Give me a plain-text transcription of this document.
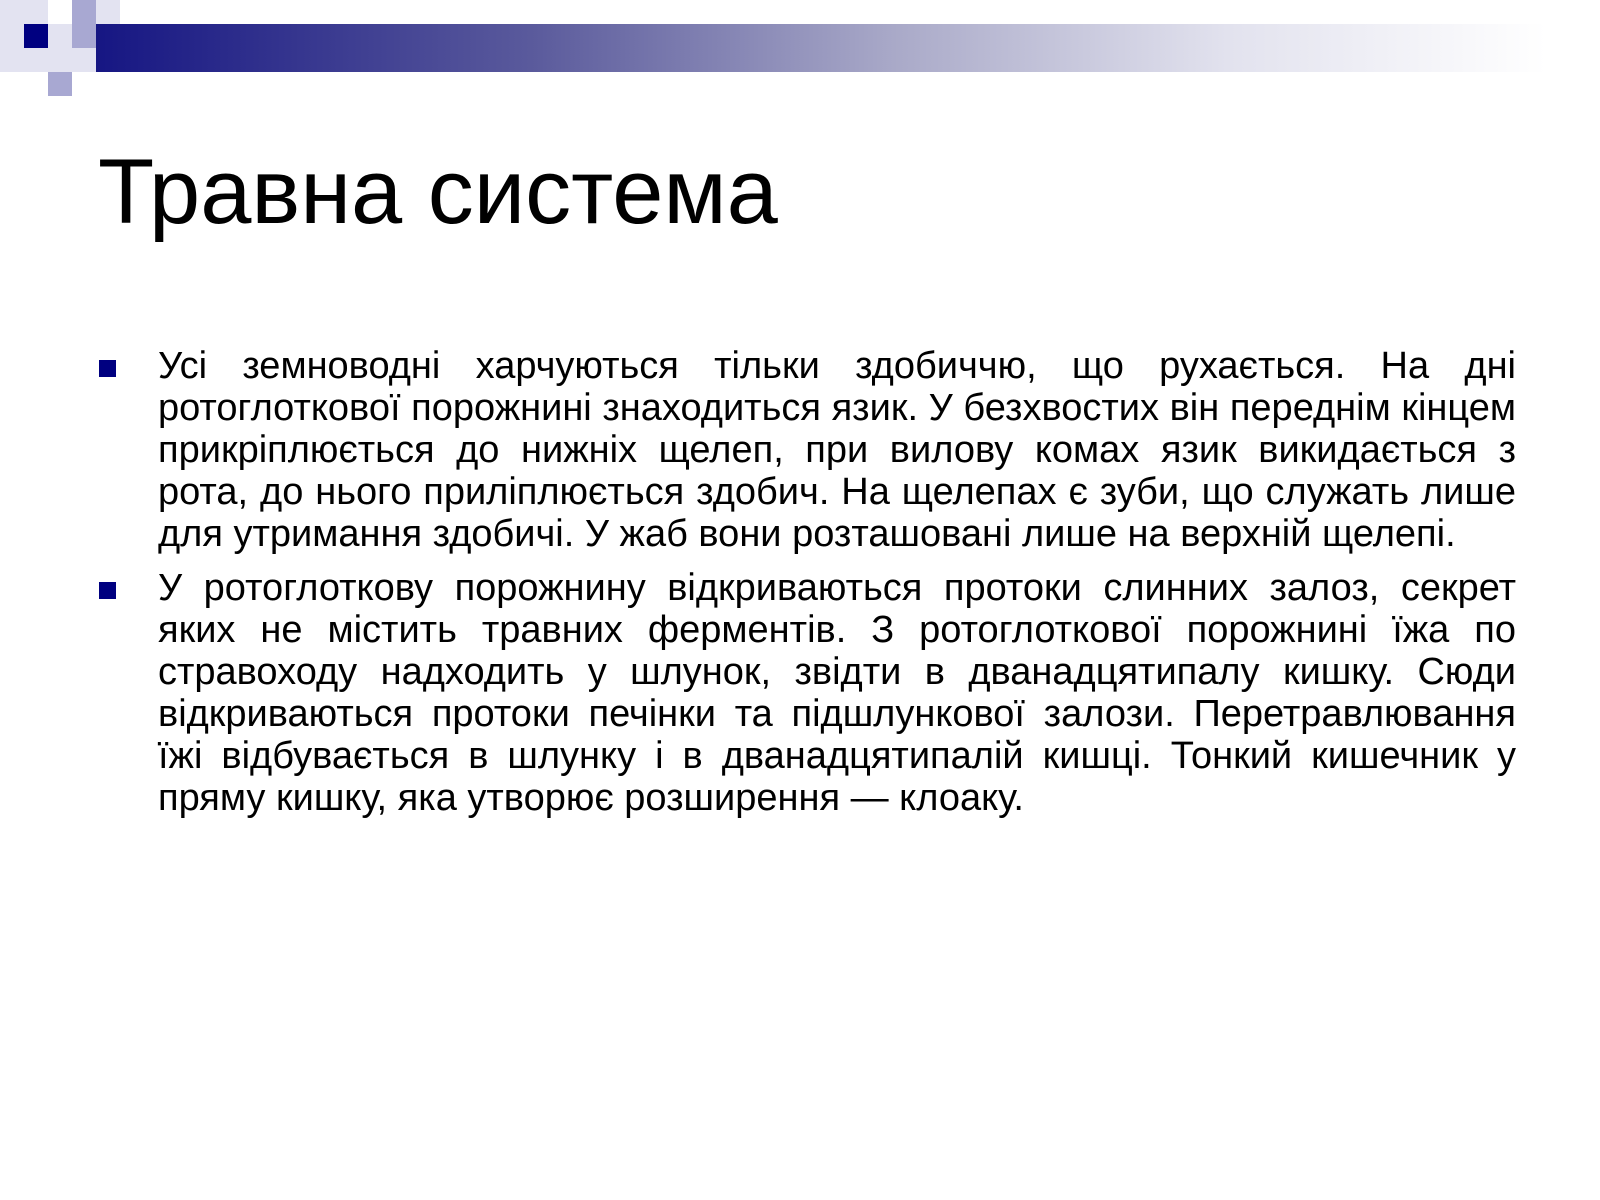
Травна система
Усі земноводні харчуються тільки здобиччю, що рухається. На дні ротоглоткової порожнині знаходиться язик. У безхвостих він переднім кінцем прикріплюється до нижніх щелеп, при вилову комах язик викидається з рота, до нього приліплюється здобич. На щелепах є зуби, що служать лише для утримання здобичі. У жаб вони розташовані лише на верхній щелепі.
У ротоглоткову порожнину відкриваються протоки слинних залоз, секрет яких не містить травних ферментів. З ротоглоткової порожнині їжа по стравоходу надходить у шлунок, звідти в дванадцятипалу кишку. Сюди відкриваються протоки печінки та підшлункової залози. Перетравлювання їжі відбувається в шлунку і в дванадцятипалій кишці. Тонкий кишечник у пряму кишку, яка утворює розширення — клоаку.
